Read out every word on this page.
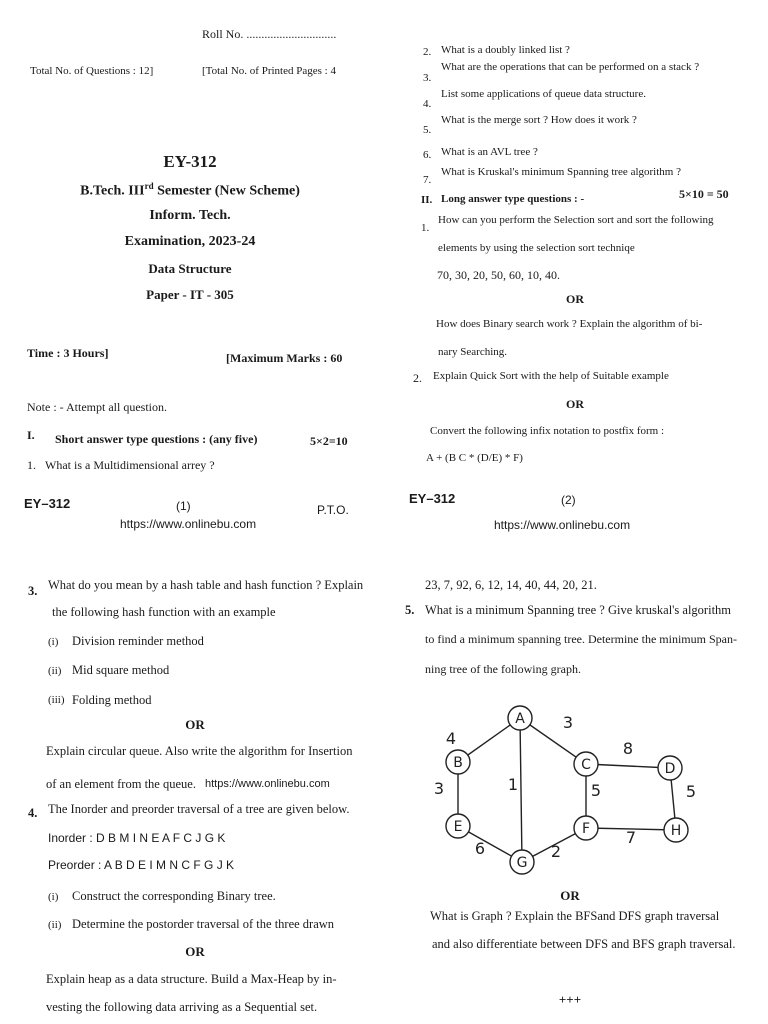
Roll No. ..............................
Total No. of Questions : 12]	[Total No. of Printed Pages : 4
EY-312
B.Tech. IIIrd Semester (New Scheme)
Inform. Tech.
Examination, 2023-24
Data Structure
Paper - IT - 305
Time : 3 Hours]	[Maximum Marks : 60
Note : - Attempt all question.
I. Short answer type questions : (any five)	5×2=10
1. What is a Multidimensional arrey ?
EY–312	(1)	P.T.O.
https://www.onlinebu.com
2. What is a doubly linked list ?
3.
What are the operations that can be performed on a stack ?
4.
List some applications of queue data structure.
5.
What is the merge sort ? How does it work ?
6. What is an AVL tree ?
7.
What is Kruskal's minimum Spanning tree algorithm ?
II. Long answer type questions : -	5×10 = 50
1.
How can you perform the Selection sort and sort the following
elements by using the selection sort techniqe
70, 30, 20, 50, 60, 10, 40.
OR
How does Binary search work ? Explain the algorithm of bi-
nary Searching.
2. Explain Quick Sort with the help of Suitable example
OR
Convert the following infix notation to postfix form :
A + (B C * (D/E) * F)
EY–312	(2)
https://www.onlinebu.com
3. What do you mean by a hash table and hash function ? Explain
the following hash function with an example
(i) Division reminder method
(ii) Mid square method
(iii) Folding method
OR
Explain circular queue. Also write the algorithm for Insertion
of an element from the queue. https://www.onlinebu.com
4. The Inorder and preorder traversal of a tree are given below.
Inorder : D B M I N E A F C J G K
Preorder : A B D E I M N C F G J K
(i) Construct the corresponding Binary tree.
(ii) Determine the postorder traversal of the three drawn
OR
Explain heap as a data structure. Build a Max-Heap by in-
vesting the following data arriving as a Sequential set.
23, 7, 92, 6, 12, 14, 40, 44, 20, 21.
5. What is a minimum Spanning tree ? Give kruskal's algorithm
to find a minimum spanning tree. Determine the minimum Span-
ning tree of the following graph.
4
3
1
3
8
5	5
6	2
7
A
B	C	D
E	F
G
H
OR
What is Graph ? Explain the BFSand DFS graph traversal
and also differentiate between DFS and BFS graph traversal.
+++
